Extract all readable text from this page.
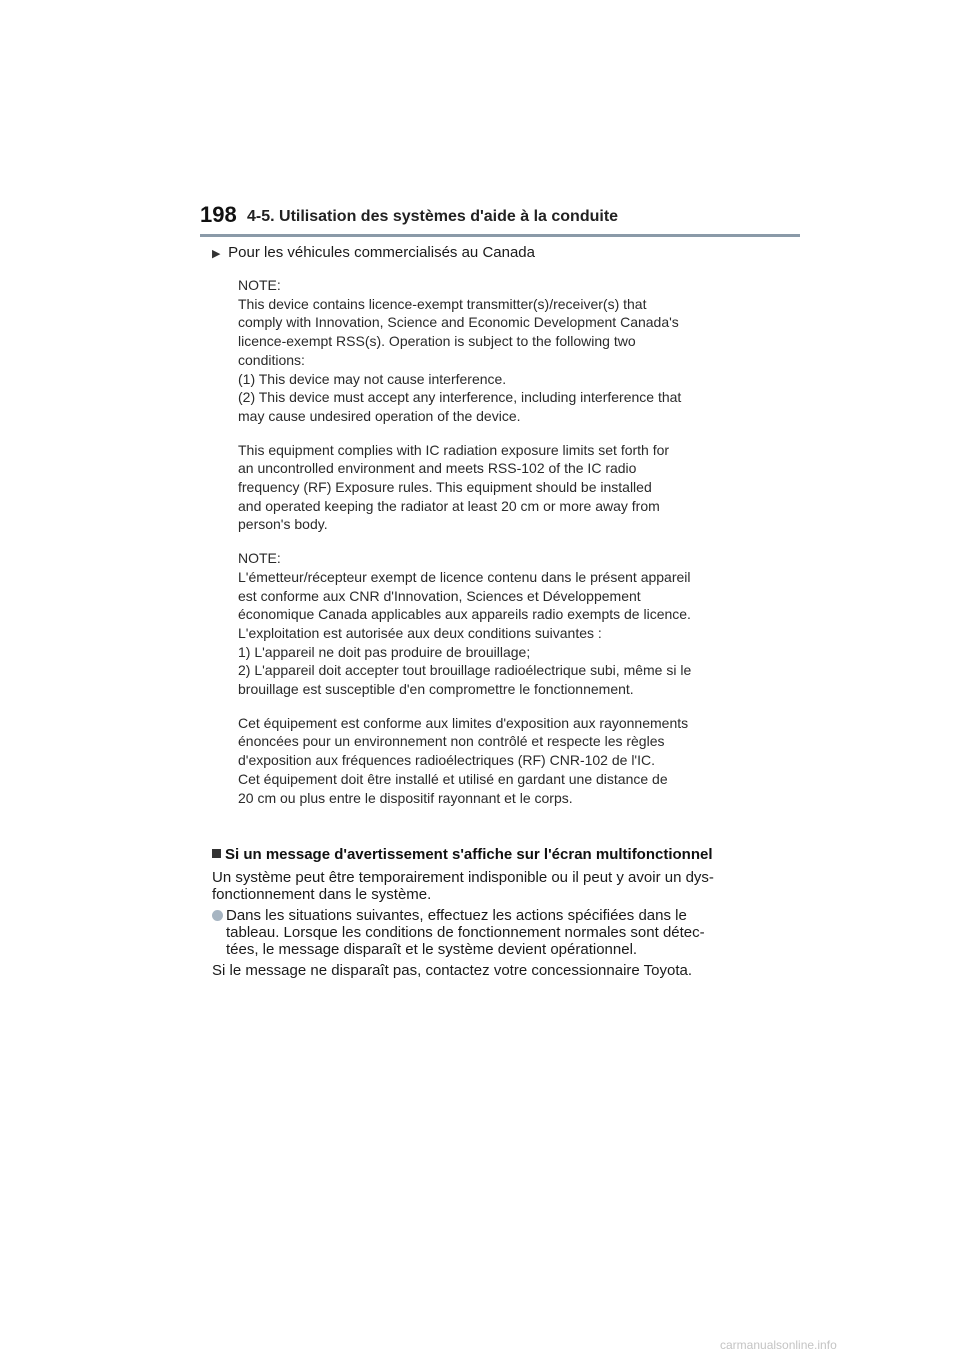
198 4-5. Utilisation des systèmes d'aide à la conduite
▶ Pour les véhicules commercialisés au Canada
NOTE:
This device contains licence-exempt transmitter(s)/receiver(s) that
comply with Innovation, Science and Economic Development Canada's
licence-exempt RSS(s). Operation is subject to the following two
conditions:
(1) This device may not cause interference.
(2) This device must accept any interference, including interference that
may cause undesired operation of the device.
This equipment complies with IC radiation exposure limits set forth for
an uncontrolled environment and meets RSS-102 of the IC radio
frequency (RF) Exposure rules. This equipment should be installed
and operated keeping the radiator at least 20 cm or more away from
person's body.
NOTE:
L'émetteur/récepteur exempt de licence contenu dans le présent appareil
est conforme aux CNR d'Innovation, Sciences et Développement
économique Canada applicables aux appareils radio exempts de licence.
L'exploitation est autorisée aux deux conditions suivantes :
1) L'appareil ne doit pas produire de brouillage;
2) L'appareil doit accepter tout brouillage radioélectrique subi, même si le
brouillage est susceptible d'en compromettre le fonctionnement.
Cet équipement est conforme aux limites d'exposition aux rayonnements
énoncées pour un environnement non contrôlé et respecte les règles
d'exposition aux fréquences radioélectriques (RF) CNR-102 de l'IC.
Cet équipement doit être installé et utilisé en gardant une distance de
20 cm ou plus entre le dispositif rayonnant et le corps.
Si un message d'avertissement s'affiche sur l'écran multifonctionnel
Un système peut être temporairement indisponible ou il peut y avoir un dys-
fonctionnement dans le système.
Dans les situations suivantes, effectuez les actions spécifiées dans le
tableau. Lorsque les conditions de fonctionnement normales sont détec-
tées, le message disparaît et le système devient opérationnel.
Si le message ne disparaît pas, contactez votre concessionnaire Toyota.
carmanualsonline.info
